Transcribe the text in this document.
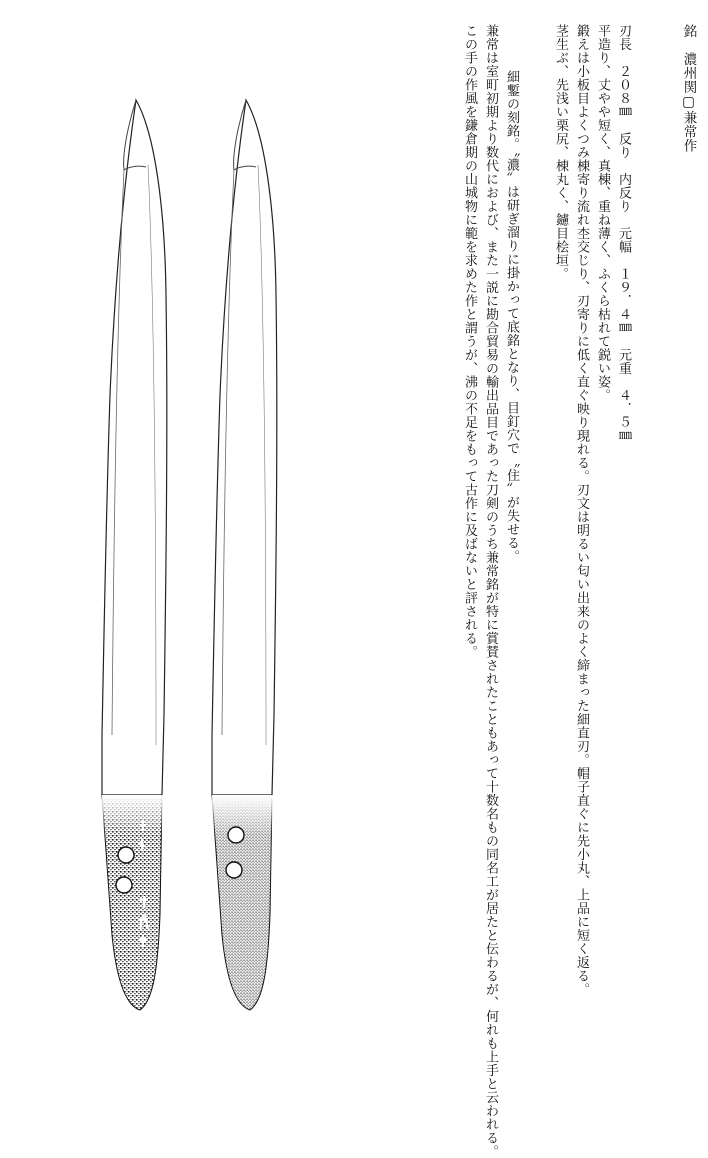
銘　濃州関▢兼常作
刃長　２０８㎜　反り　内反り　元幅　１９．４㎜　元重　４．５㎜
平造り、丈やや短く、真棟、重ね薄く、ふくら枯れて鋭い姿。
鍛えは小板目よくつみ棟寄り流れ杢交じり、刃寄りに低く直ぐ映り現れる。刃文は明るい匂い出来のよく締まった細直刃。帽子直ぐに先小丸、上品に短く返る。
茎生ぶ、先浅い栗尻、棟丸く、鑢目桧垣。
細鏨の刻銘。〝濃〟は研ぎ溜りに掛かって底銘となり、目釘穴で〝住〟が失せる。
兼常は室町初期より数代におよび、また一説に勘合貿易の輸出品目であった刀剣のうち兼常銘が特に賞賛されたこともあって十数名もの同名工が居たと伝わるが、何れも上手と云われる。
この手の作風を鎌倉期の山城物に範を求めた作と謂うが、沸の不足をもって古作に及ばないと評される。
